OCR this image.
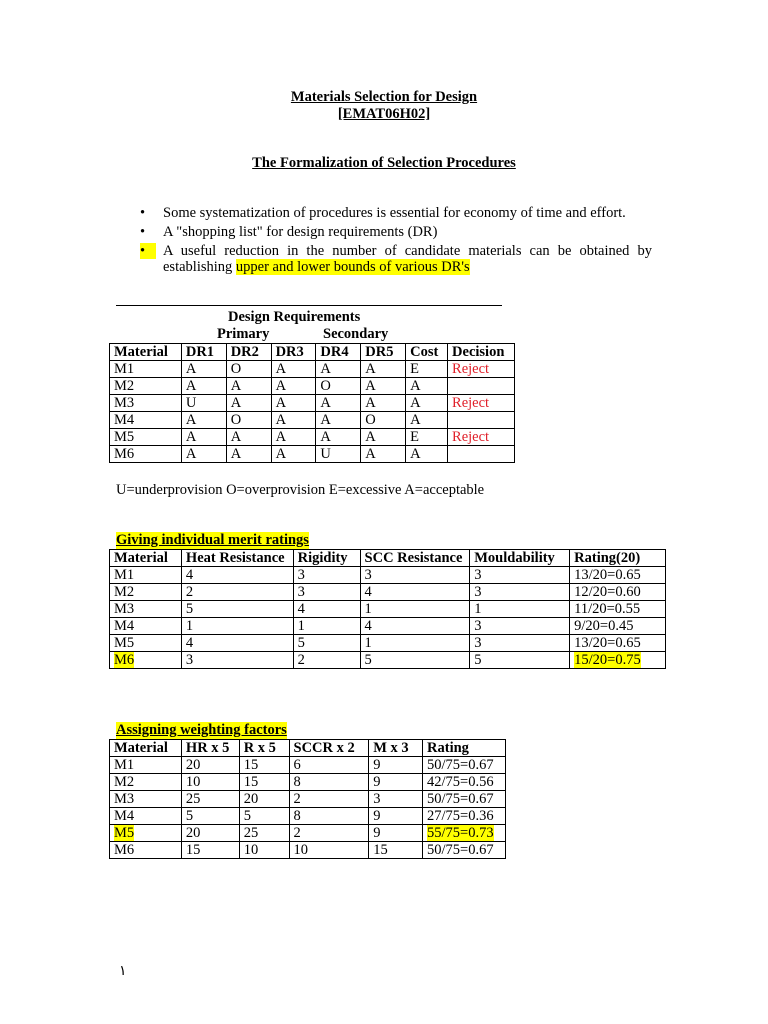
Materials Selection for Design
[EMAT06H02]
The Formalization of Selection Procedures
•	Some systematization of procedures is essential for economy of time and effort.
•	A "shopping list" for design requirements (DR)
•	A useful reduction in the number of candidate materials can be obtained by establishing upper and lower bounds of various DR's
Design Requirements
Primary	Secondary
Material	DR1	DR2	DR3	DR4	DR5	Cost	Decision
M1	A	O	A	A	A	E	Reject
M2	A	A	A	O	A	A	
M3	U	A	A	A	A	A	Reject
M4	A	O	A	A	O	A	
M5	A	A	A	A	A	E	Reject
M6	A	A	A	U	A	A	
U=underprovision O=overprovision E=excessive A=acceptable
Giving individual merit ratings
Material	Heat Resistance	Rigidity	SCC Resistance	Mouldability	Rating(20)
M1	4	3	3	3	13/20=0.65
M2	2	3	4	3	12/20=0.60
M3	5	4	1	1	11/20=0.55
M4	1	1	4	3	9/20=0.45
M5	4	5	1	3	13/20=0.65
M6	3	2	5	5	15/20=0.75
Assigning weighting factors
Material	HR x 5	R x 5	SCCR x 2	M x 3	Rating
M1	20	15	6	9	50/75=0.67
M2	10	15	8	9	42/75=0.56
M3	25	20	2	3	50/75=0.67
M4	5	5	8	9	27/75=0.36
M5	20	25	2	9	55/75=0.73
M6	15	10	10	15	50/75=0.67
١
